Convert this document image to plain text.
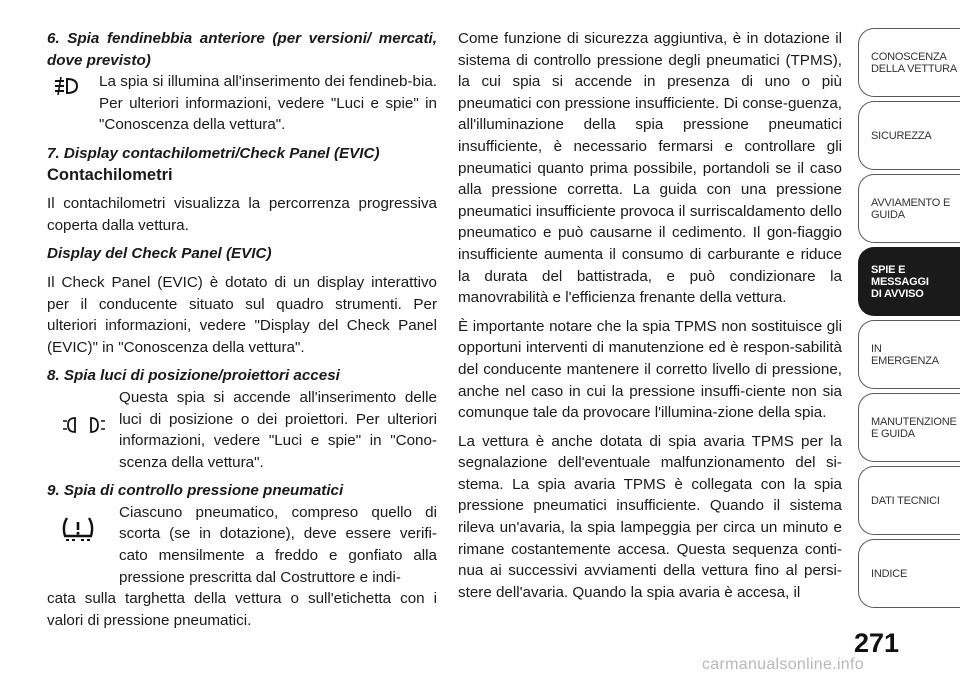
6. Spia fendinebbia anteriore (per versioni/ mercati, dove previsto)

La spia si illumina all'inserimento dei fendineb-bia. Per ulteriori informazioni, vedere "Luci e spie" in "Conoscenza della vettura".

7. Display contachilometri/Check Panel (EVIC)

Contachilometri

Il contachilometri visualizza la percorrenza progressiva coperta dalla vettura.

Display del Check Panel (EVIC)

Il Check Panel (EVIC) è dotato di un display interattivo per il conducente situato sul quadro strumenti. Per ulteriori informazioni, vedere "Display del Check Panel (EVIC)" in "Conoscenza della vettura".

8. Spia luci di posizione/proiettori accesi

Questa spia si accende all'inserimento delle luci di posizione o dei proiettori. Per ulteriori informazioni, vedere "Luci e spie" in "Cono-scenza della vettura".

9. Spia di controllo pressione pneumatici

Ciascuno pneumatico, compreso quello di scorta (se in dotazione), deve essere verifi-cato mensilmente a freddo e gonfiato alla pressione prescritta dal Costruttore e indi-

cata sulla targhetta della vettura o sull'etichetta con i valori di pressione pneumatici.

Come funzione di sicurezza aggiuntiva, è in dotazione il sistema di controllo pressione degli pneumatici (TPMS), la cui spia si accende in presenza di uno o più pneumatici con pressione insufficiente. Di conse-guenza, all'illuminazione della spia pressione pneumatici insufficiente, è necessario fermarsi e controllare gli pneumatici quanto prima possibile, portandoli se il caso alla pressione corretta. La guida con una pressione pneumatici insufficiente provoca il surriscaldamento dello pneumatico e può causarne il cedimento. Il gon-fiaggio insufficiente aumenta il consumo di carburante e riduce la durata del battistrada, e può condizionare la manovrabilità e l'efficienza frenante della vettura.

È importante notare che la spia TPMS non sostituisce gli opportuni interventi di manutenzione ed è respon-sabilità del conducente mantenere il corretto livello di pressione, anche nel caso in cui la pressione insuffi-ciente non sia comunque tale da provocare l'illumina-zione della spia.

La vettura è anche dotata di spia avaria TPMS per la segnalazione dell'eventuale malfunzionamento del si-stema. La spia avaria TPMS è collegata con la spia pressione pneumatici insufficiente. Quando il sistema rileva un'avaria, la spia lampeggia per circa un minuto e rimane costantemente accesa. Questa sequenza conti-nua ai successivi avviamenti della vettura fino al persi-stere dell'avaria. Quando la spia avaria è accesa, il

CONOSCENZA
DELLA VETTURA
SICUREZZA
AVVIAMENTO E
GUIDA
SPIE E
MESSAGGI
DI AVVISO
IN
EMERGENZA
MANUTENZIONE
E GUIDA
DATI TECNICI
INDICE
271
carmanualsonline.info
